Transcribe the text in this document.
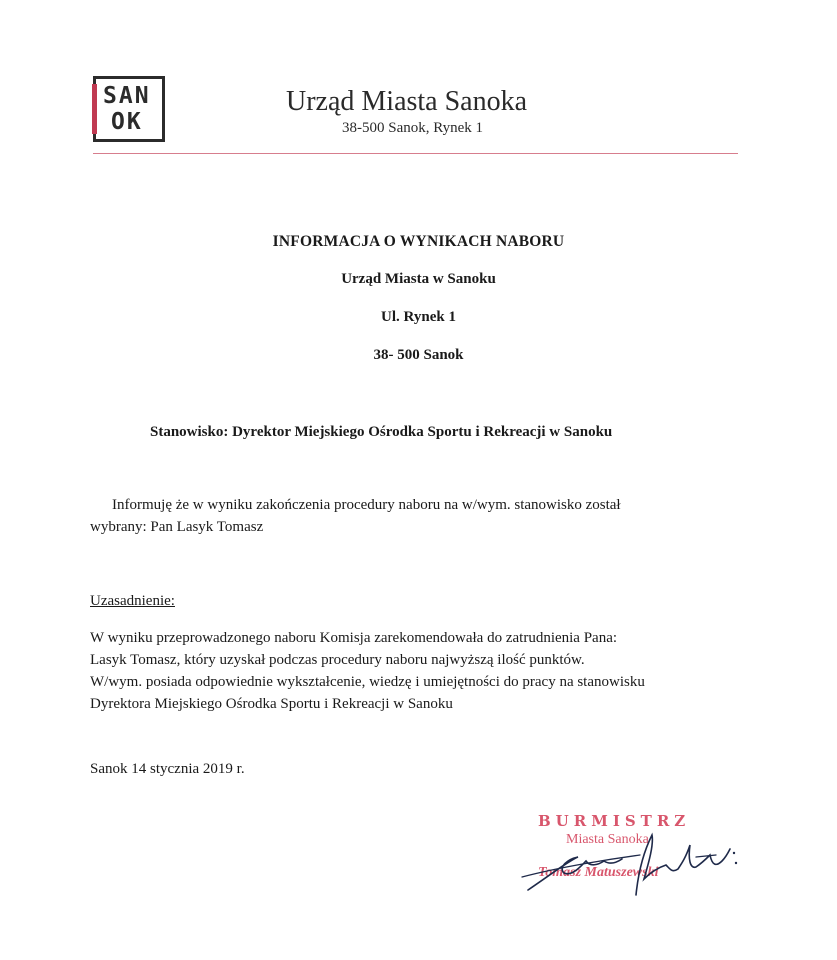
SAN
OK
Urząd Miasta Sanoka
38-500 Sanok, Rynek 1
INFORMACJA O WYNIKACH NABORU
Urząd Miasta w Sanoku
Ul. Rynek 1
38- 500 Sanok
Stanowisko: Dyrektor Miejskiego Ośrodka Sportu i Rekreacji w Sanoku
Informuję że w wyniku zakończenia procedury naboru na w/wym. stanowisko został
wybrany: Pan Lasyk Tomasz
Uzasadnienie:
W wyniku przeprowadzonego naboru Komisja zarekomendowała do zatrudnienia Pana:
Lasyk Tomasz, który uzyskał podczas procedury naboru najwyższą ilość punktów.
W/wym. posiada odpowiednie wykształcenie, wiedzę i umiejętności do pracy na stanowisku
Dyrektora Miejskiego Ośrodka Sportu i Rekreacji w Sanoku
Sanok 14 stycznia 2019 r.
BURMISTRZ
Miasta Sanoka
Tomasz Matuszewski
